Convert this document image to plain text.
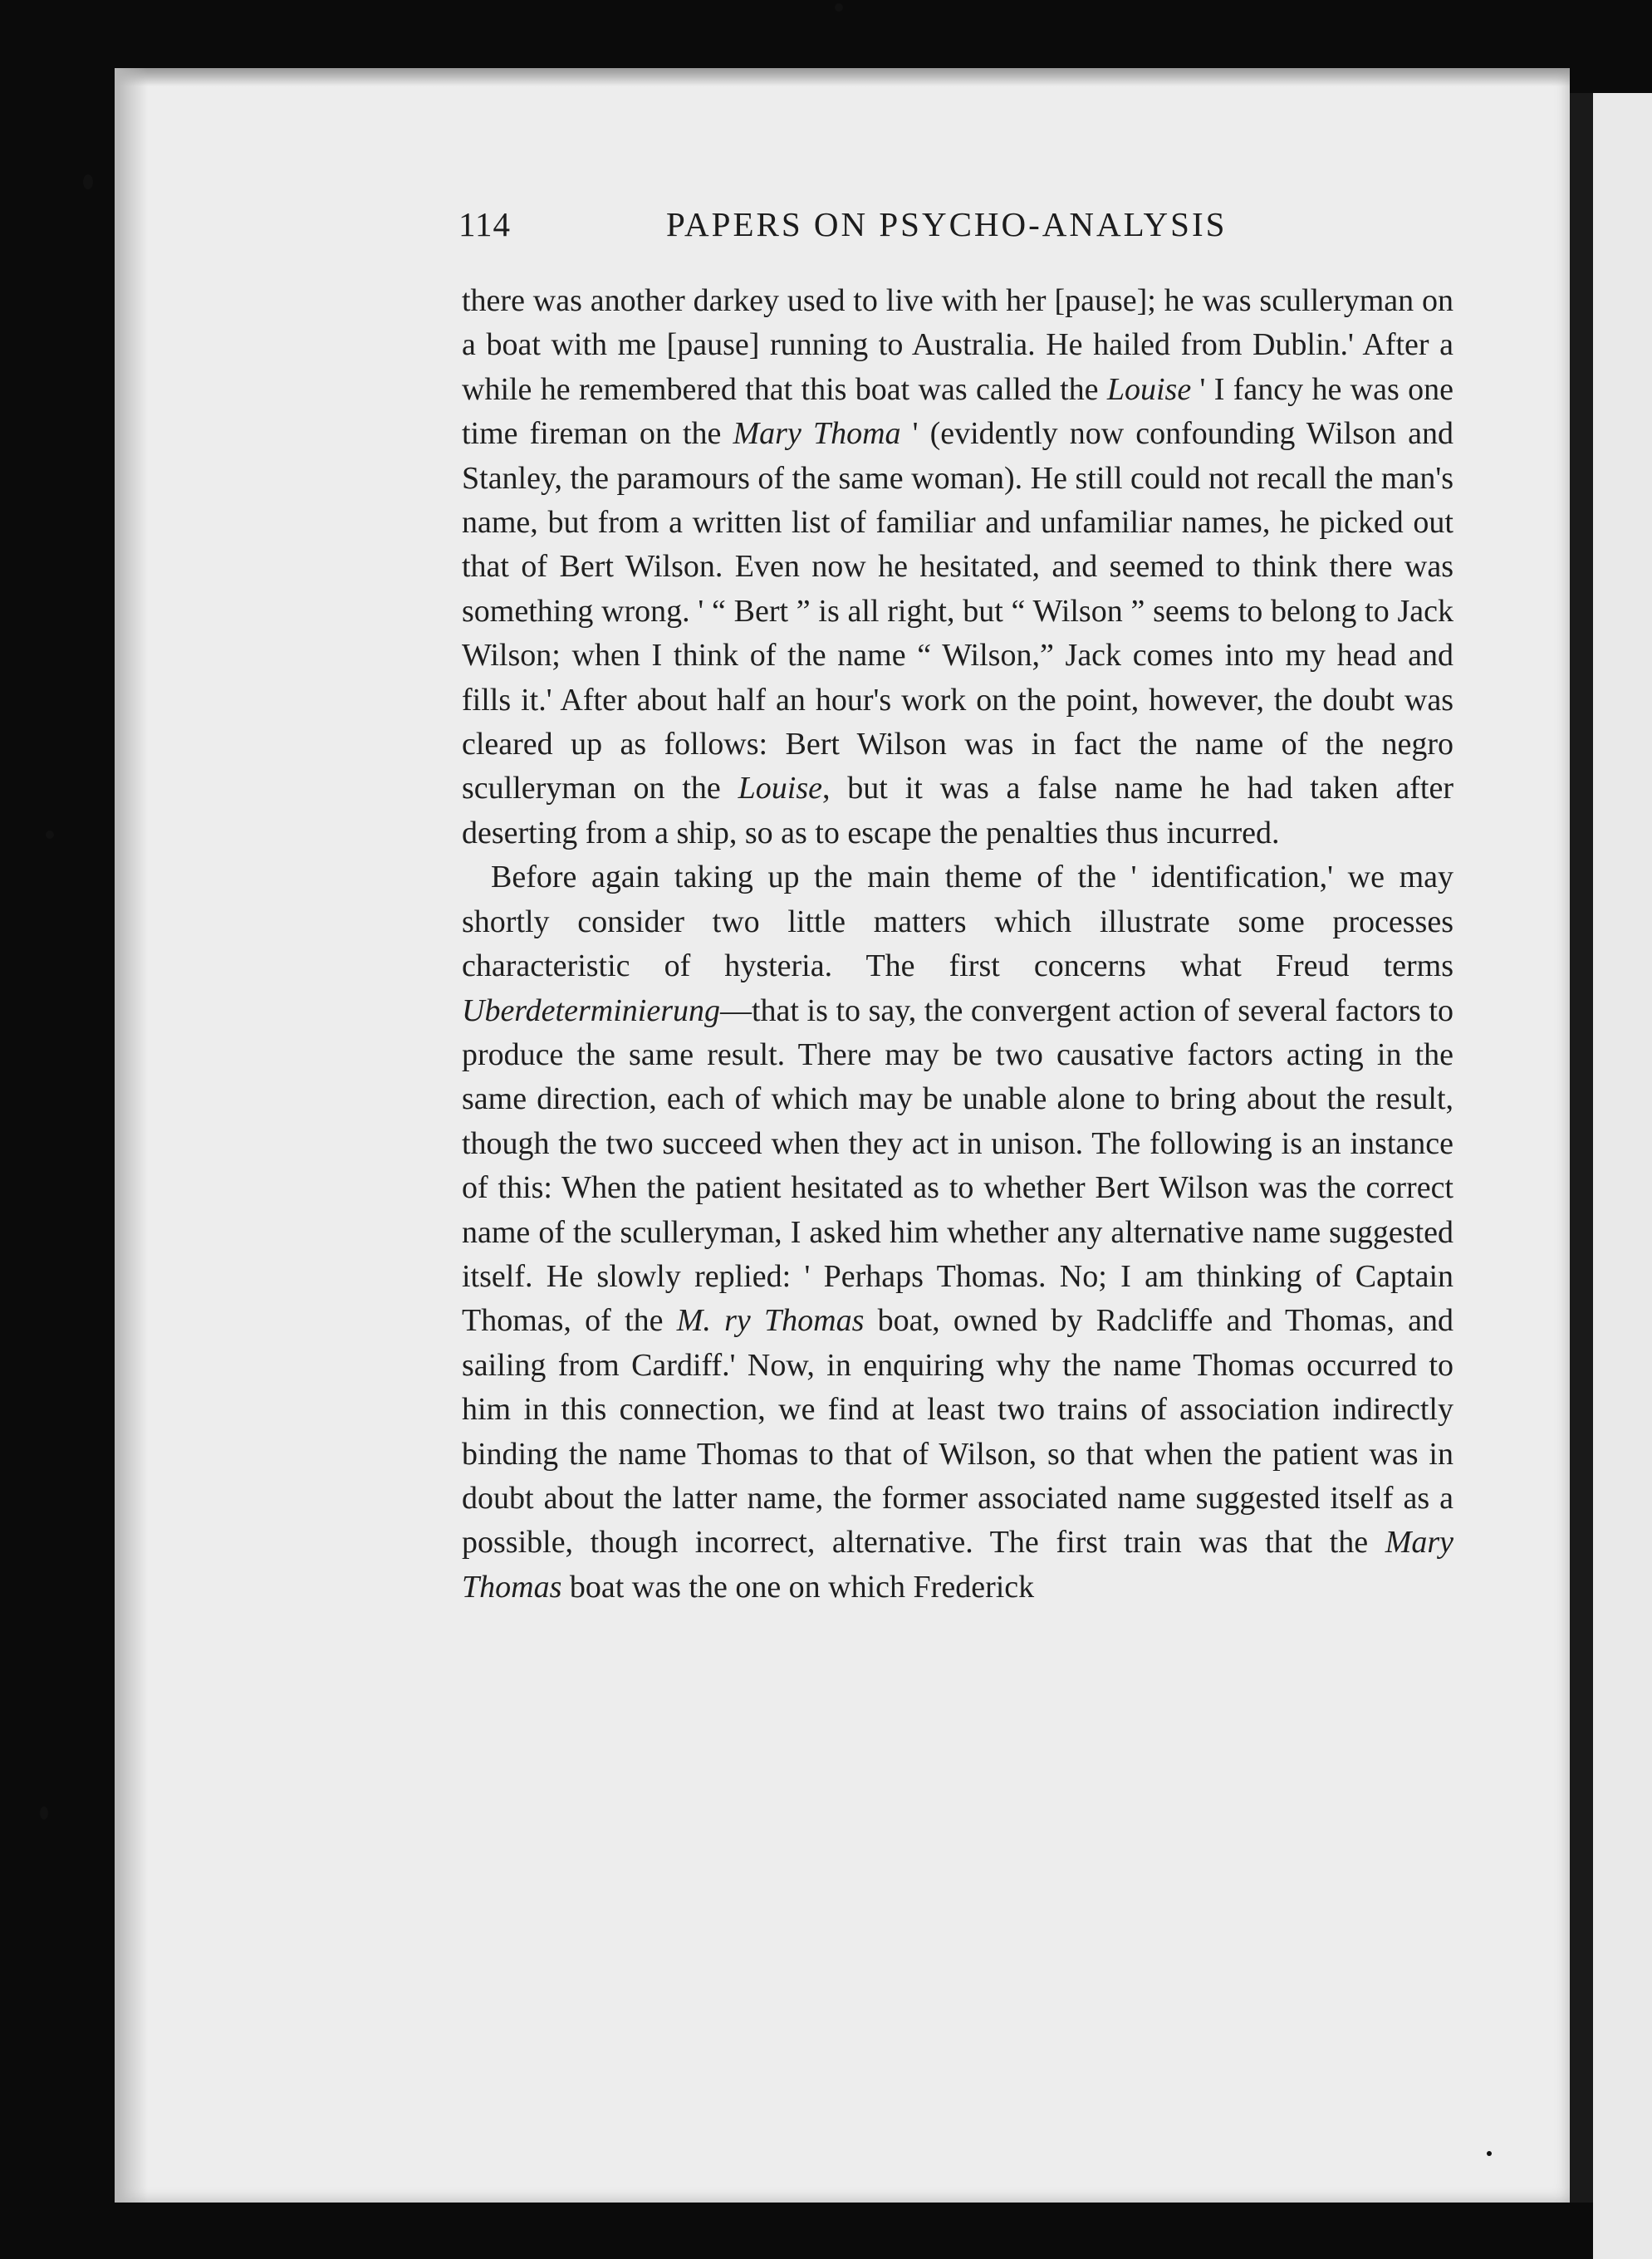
114	PAPERS ON PSYCHO-ANALYSIS

there was another darkey used to live with her [pause]; he was sculleryman on a boat with me [pause] running to Australia. He hailed from Dublin.' After a while he remembered that this boat was called the Louise ' I fancy he was one time fireman on the Mary Thoma ' (evidently now confounding Wilson and Stanley, the paramours of the same woman). He still could not recall the man's name, but from a written list of familiar and unfamiliar names, he picked out that of Bert Wilson. Even now he hesitated, and seemed to think there was something wrong. ' “ Bert ” is all right, but “ Wilson ” seems to belong to Jack Wilson; when I think of the name “ Wilson,” Jack comes into my head and fills it.' After about half an hour's work on the point, however, the doubt was cleared up as follows: Bert Wilson was in fact the name of the negro sculleryman on the Louise, but it was a false name he had taken after deserting from a ship, so as to escape the penalties thus incurred.

Before again taking up the main theme of the ' identification,' we may shortly consider two little matters which illustrate some processes characteristic of hysteria. The first concerns what Freud terms Uberdeterminierung—that is to say, the convergent action of several factors to produce the same result. There may be two causative factors acting in the same direction, each of which may be unable alone to bring about the result, though the two succeed when they act in unison. The following is an instance of this: When the patient hesitated as to whether Bert Wilson was the correct name of the sculleryman, I asked him whether any alternative name suggested itself. He slowly replied: ' Perhaps Thomas. No; I am thinking of Captain Thomas, of the M. ry Thomas boat, owned by Radcliffe and Thomas, and sailing from Cardiff.' Now, in enquiring why the name Thomas occurred to him in this connection, we find at least two trains of association indirectly binding the name Thomas to that of Wilson, so that when the patient was in doubt about the latter name, the former associated name suggested itself as a possible, though incorrect, alternative. The first train was that the Mary Thomas boat was the one on which Frederick
